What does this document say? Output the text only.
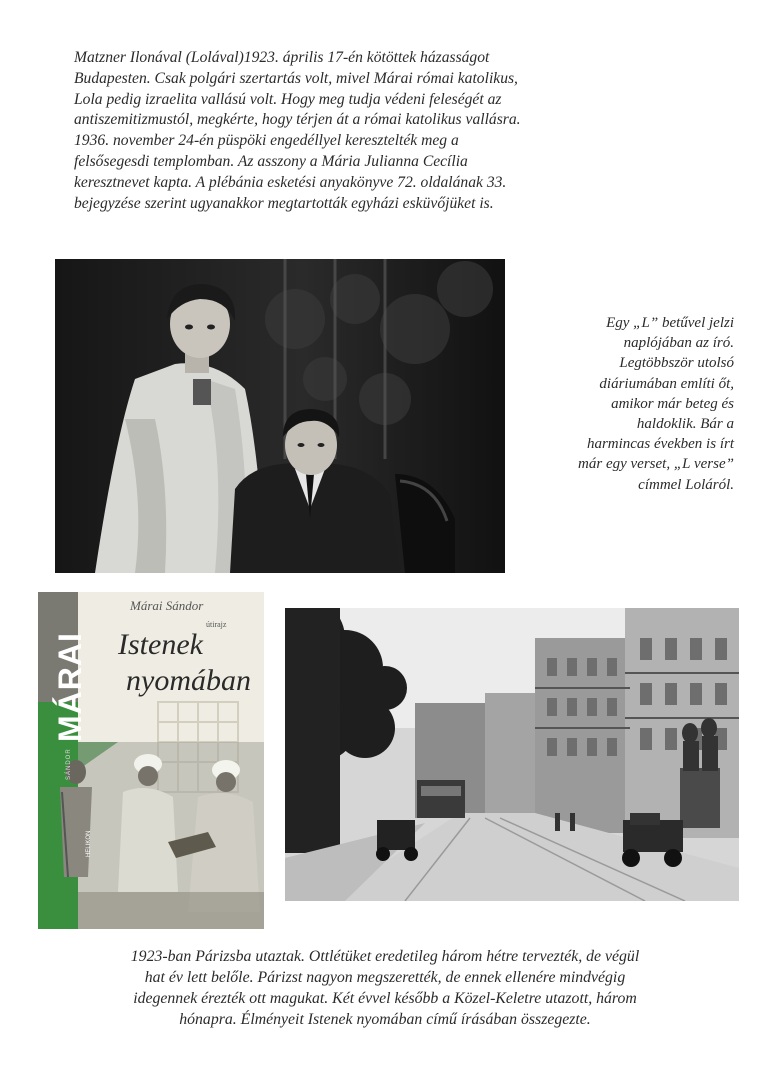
Matzner Ilonával (Lolával)1923. április 17-én kötöttek házasságot
Budapesten. Csak polgári szertartás volt, mivel Márai római katolikus,
Lola pedig izraelita vallású volt. Hogy meg tudja védeni feleségét az
antiszemitizmustól, megkérte, hogy térjen át a római katolikus vallásra.
1936. november 24-én püspöki engedéllyel keresztelték meg a
felsősegesdi templomban. Az asszony a Mária Julianna Cecília
keresztnevet kapta. A plébánia esketési anyakönyve 72. oldalának 33.
bejegyzése szerint ugyanakkor megtartották egyházi esküvőjüket is.
Egy „L” betűvel jelzi
naplójában az író.
Legtöbbször utolsó
diáriumában említi őt,
amikor már beteg és
haldoklik. Bár a
harmincas években is írt
már egy verset, „L verse”
címmel Loláról.
MÁRAI
SÁNDOR
Márai Sándor
útirajz
Istenek
nyomában
HELIKON
1923-ban Párizsba utaztak. Ottlétüket eredetileg három hétre tervezték, de végül
hat év lett belőle. Párizst nagyon megszerették, de ennek ellenére mindvégig
idegennek érezték ott magukat. Két évvel később a Közel-Keletre utazott, három
hónapra. Élményeit Istenek nyomában című írásában összegezte.
